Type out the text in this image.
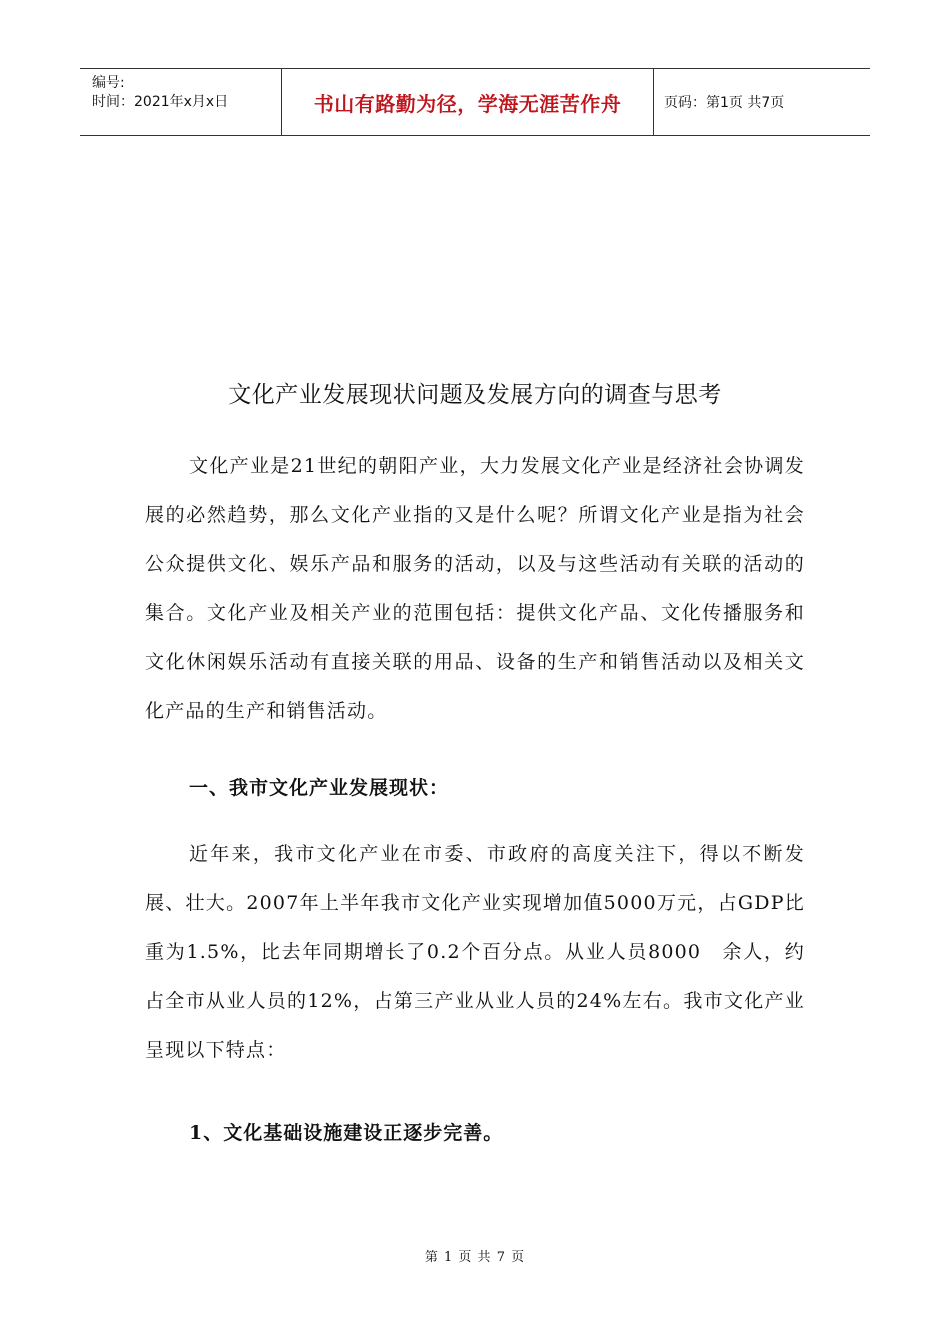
编号:
时间：2021年x月x日	书山有路勤为径，学海无涯苦作舟	页码：第1页 共7页
文化产业发展现状问题及发展方向的调查与思考

文化产业是21世纪的朝阳产业，大力发展文化产业是经济社会协调发展的必然趋势，那么文化产业指的又是什么呢？所谓文化产业是指为社会公众提供文化、娱乐产品和服务的活动，以及与这些活动有关联的活动的集合。文化产业及相关产业的范围包括：提供文化产品、文化传播服务和文化休闲娱乐活动有直接关联的用品、设备的生产和销售活动以及相关文化产品的生产和销售活动。

一、我市文化产业发展现状：

近年来，我市文化产业在市委、市政府的高度关注下，得以不断发展、壮大。2007年上半年我市文化产业实现增加值5000万元，占GDP比重为1.5%，比去年同期增长了0.2个百分点。从业人员8000　余人，约占全市从业人员的12%，占第三产业从业人员的24%左右。我市文化产业呈现以下特点：

1、文化基础设施建设正逐步完善。

第 1 页 共 7 页
